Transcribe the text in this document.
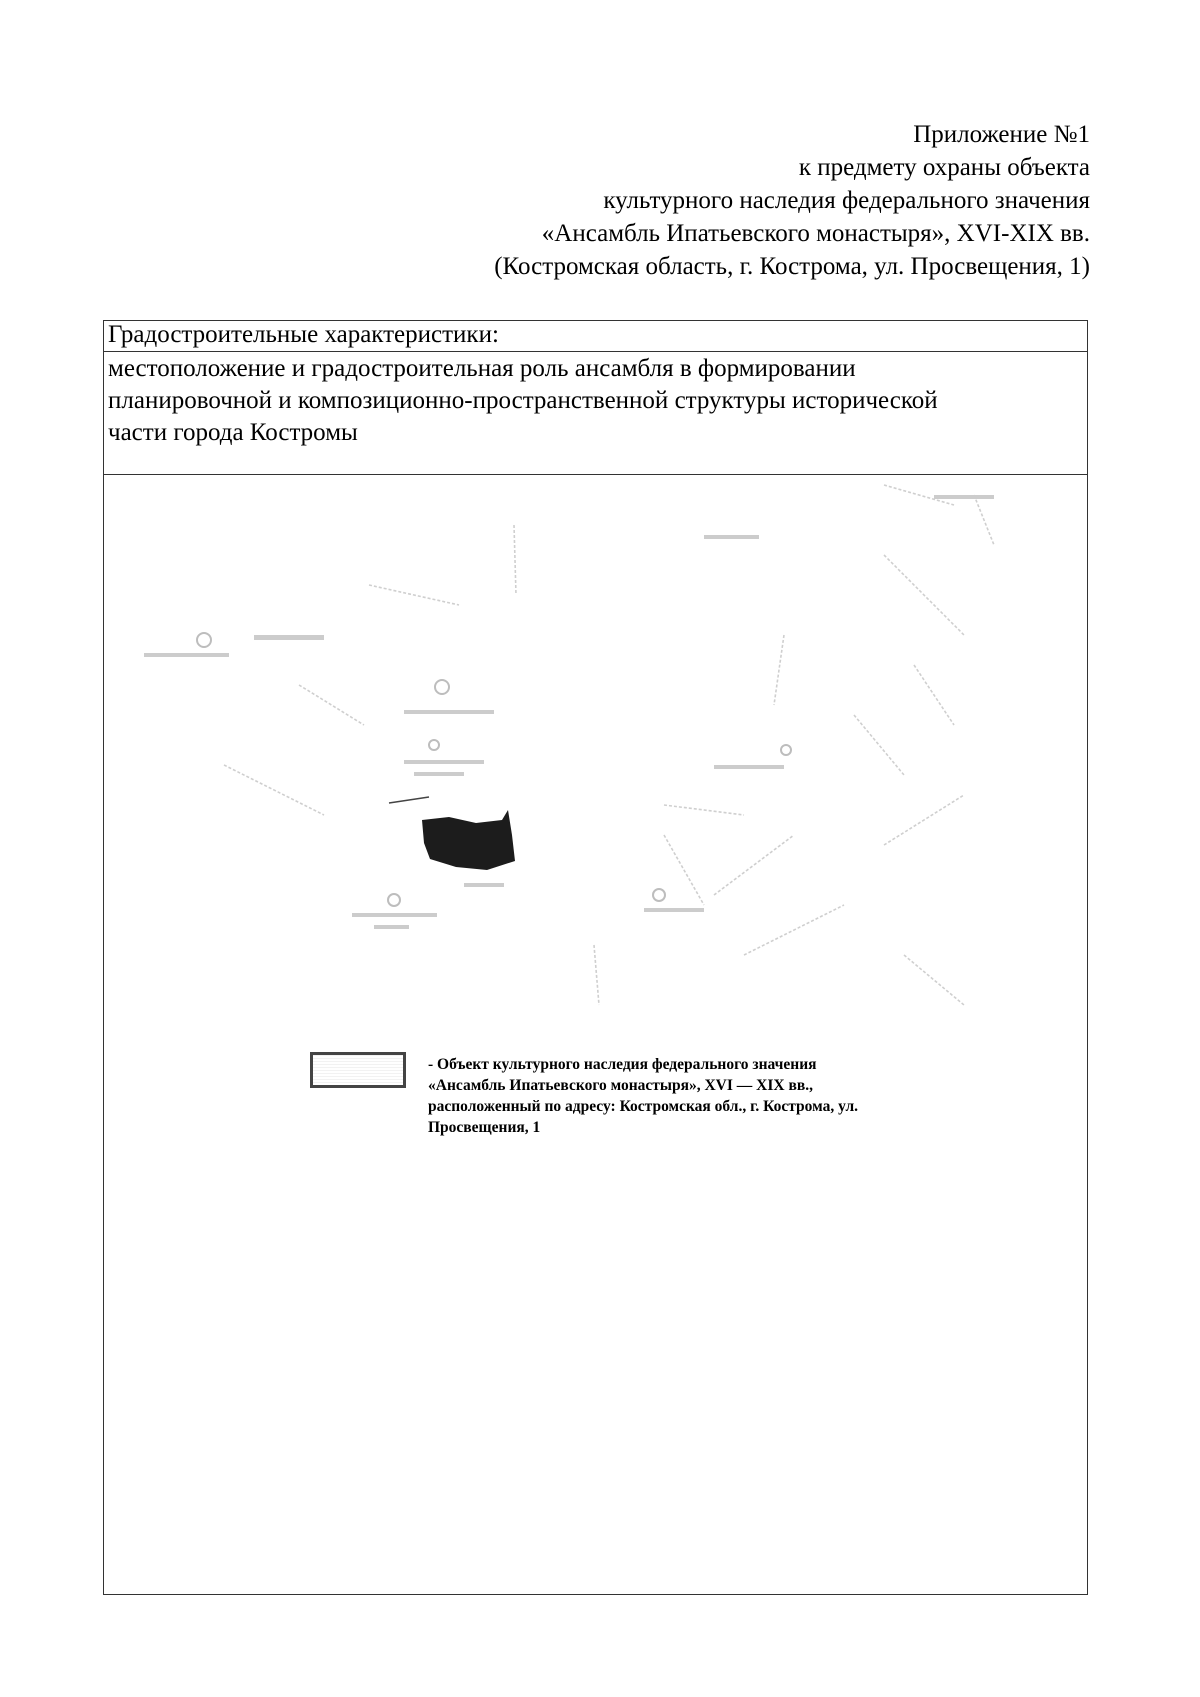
Приложение №1
к предмету охраны объекта
культурного наследия федерального значения
«Ансамбль Ипатьевского монастыря», XVI-XIX вв.
(Костромская область, г. Кострома, ул. Просвещения, 1)
Градостроительные характеристики:
местоположение и градостроительная роль ансамбля в формировании
планировочной и композиционно-пространственной структуры исторической
части города Костромы
- Объект культурного наследия федерального значения
«Ансамбль Ипатьевского монастыря», XVI — XIX вв.,
расположенный по адресу: Костромская обл., г. Кострома, ул.
Просвещения, 1
